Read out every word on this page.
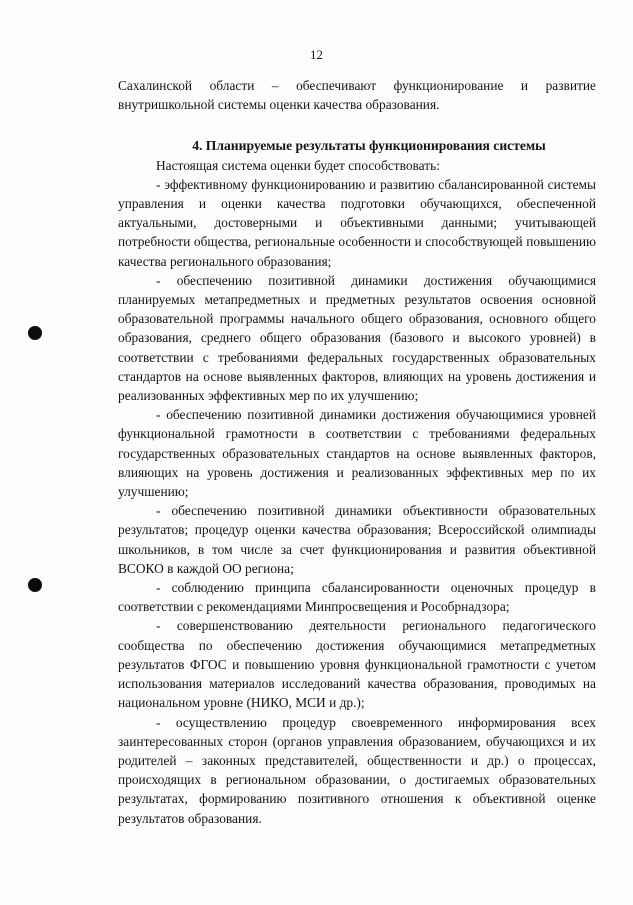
12

Сахалинской области – обеспечивают функционирование и развитие внутришкольной системы оценки качества образования.

4. Планируемые результаты функционирования системы

Настоящая система оценки будет способствовать:

- эффективному функционированию и развитию сбалансированной системы управления и оценки качества подготовки обучающихся, обеспеченной актуальными, достоверными и объективными данными; учитывающей потребности общества, региональные особенности и способствующей повышению качества регионального образования;

- обеспечению позитивной динамики достижения обучающимися планируемых метапредметных и предметных результатов освоения основной образовательной программы начального общего образования, основного общего образования, среднего общего образования (базового и высокого уровней) в соответствии с требованиями федеральных государственных образовательных стандартов на основе выявленных факторов, влияющих на уровень достижения и реализованных эффективных мер по их улучшению;

- обеспечению позитивной динамики достижения обучающимися уровней функциональной грамотности в соответствии с требованиями федеральных государственных образовательных стандартов на основе выявленных факторов, влияющих на уровень достижения и реализованных эффективных мер по их улучшению;

- обеспечению позитивной динамики объективности образовательных результатов; процедур оценки качества образования; Всероссийской олимпиады школьников, в том числе за счет функционирования и развития объективной ВСОКО в каждой ОО региона;

- соблюдению принципа сбалансированности оценочных процедур в соответствии с рекомендациями Минпросвещения и Рособрнадзора;

- совершенствованию деятельности регионального педагогического сообщества по обеспечению достижения обучающимися метапредметных результатов ФГОС и повышению уровня функциональной грамотности с учетом использования материалов исследований качества образования, проводимых на национальном уровне (НИКО, МСИ и др.);

- осуществлению процедур своевременного информирования всех заинтересованных сторон (органов управления образованием, обучающихся и их родителей – законных представителей, общественности и др.) о процессах, происходящих в региональном образовании, о достигаемых образовательных результатах, формированию позитивного отношения к объективной оценке результатов образования.
